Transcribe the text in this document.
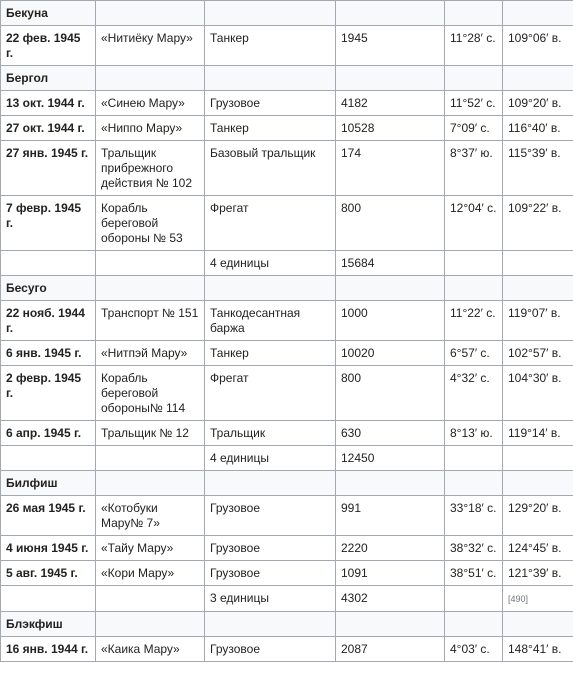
Бекуна					
22 фев. 1945 г.	«Нитиёку Мару»	Танкер	1945	11°28′ с.	109°06′ в.
Бергол					
13 окт. 1944 г.	«Синею Мару»	Грузовое	4182	11°52′ с.	109°20′ в.
27 окт. 1944 г.	«Ниппо Мару»	Танкер	10528	7°09′ с.	116°40′ в.
27 янв. 1945 г.	Тральщик прибрежного действия № 102	Базовый тральщик	174	8°37′ ю.	115°39′ в.
7 февр. 1945 г.	Корабль береговой обороны № 53	Фрегат	800	12°04′ с.	109°22′ в.
		4 единицы	15684		
Бесуго					
22 нояб. 1944 г.	Транспорт № 151	Танкодесантная баржа	1000	11°22′ с.	119°07′ в.
6 янв. 1945 г.	«Нитпэй Мару»	Танкер	10020	6°57′ с.	102°57′ в.
2 февр. 1945 г.	Корабль береговой обороны№ 114	Фрегат	800	4°32′ с.	104°30′ в.
6 апр. 1945 г.	Тральщик № 12	Тральщик	630	8°13′ ю.	119°14′ в.
		4 единицы	12450		
Билфиш					
26 мая 1945 г.	«Котобуки Мару№ 7»	Грузовое	991	33°18′ с.	129°20′ в.
4 июня 1945 г.	«Тайу Мару»	Грузовое	2220	38°32′ с.	124°45′ в.
5 авг. 1945 г.	«Кори Мару»	Грузовое	1091	38°51′ с.	121°39′ в.
		3 единицы	4302		[490]
Блэкфиш					
16 янв. 1944 г.	«Каика Мару»	Грузовое	2087	4°03′ с.	148°41′ в.
